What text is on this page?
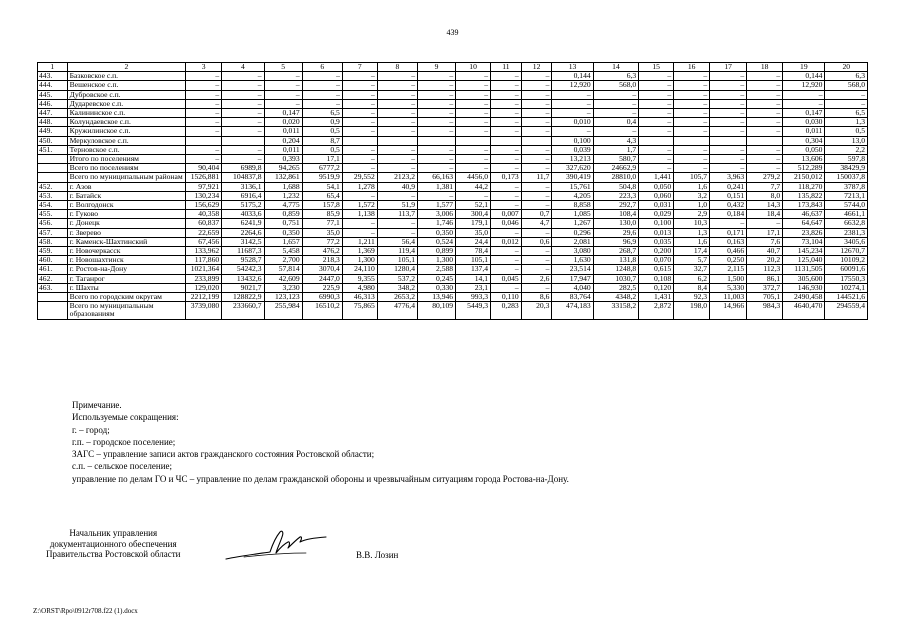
439
1	2	3	4	5	6	7	8	9	10	11	12	13	14	15	16	17	18	19	20
443.	Базковское с.п.	–	–	–	–	–	–	–	–	–	–	0,144	6,3	–	–	–	–	0,144	6,3
444.	Вешенское с.п.	–	–	–	–	–	–	–	–	–	–	12,920	568,0	–	–	–	–	12,920	568,0
445.	Дубровское с.п.	–	–	–	–	–	–	–	–	–	–	–	–	–	–	–	–	–	–
446.	Дударевское с.п.	–	–	–	–	–	–	–	–	–	–	–	–	–	–	–	–	–	–
447.	Калининское с.п.	–	–	0,147	6,5	–	–	–	–	–	–	–	–	–	–	–	–	0,147	6,5
448.	Колундаевское с.п.	–	–	0,020	0,9	–	–	–	–	–	–	0,010	0,4	–	–	–	–	0,030	1,3
449.	Кружилинское с.п.	–	–	0,011	0,5	–	–	–	–	–	–	–	–	–	–	–	–	0,011	0,5
450.	Меркуловское с.п.			0,204	8,7							0,100	4,3					0,304	13,0
451.	Терновское с.п.	–	–	0,011	0,5	–	–	–	–	–	–	0,039	1,7	–	–	–	–	0,050	2,2
	Итого по поселениям	–	–	0,393	17,1	–	–	–	–	–	–	13,213	580,7	–	–	–	–	13,606	597,8
	Всего по поселениям	90,404	6989,8	94,265	6777,2	–	–	–	–	–	–	327,620	24662,9	–	–	–	–	512,289	38429,9
	Всего по муниципальным районам	1526,881	104837,8	132,861	9519,9	29,552	2123,2	66,163	4456,0	0,173	11,7	390,419	28810,0	1,441	105,7	3,963	279,2	2150,012	150037,8
452.	г. Азов	97,921	3136,1	1,688	54,1	1,278	40,9	1,381	44,2	–	–	15,761	504,8	0,050	1,6	0,241	7,7	118,270	3787,8
453.	г. Батайск	130,234	6916,4	1,232	65,4	–	–	–	–	–	–	4,205	223,3	0,060	3,2	0,151	8,0	135,822	7213,1
454.	г. Волгодонск	156,629	5175,2	4,775	157,8	1,572	51,9	1,577	52,1	–	–	8,858	292,7	0,031	1,0	0,432	14,3	173,843	5744,0
455.	г. Гуково	40,358	4033,6	0,859	85,9	1,138	113,7	3,006	300,4	0,007	0,7	1,085	108,4	0,029	2,9	0,184	18,4	46,637	4661,1
456.	г. Донецк	60,837	6241,9	0,751	77,1	–	–	1,746	179,1	0,046	4,7	1,267	130,0	0,100	10,3	–	–	64,647	6632,8
457.	г. Зверево	22,659	2264,6	0,350	35,0	–	–	0,350	35,0	–	–	0,296	29,6	0,013	1,3	0,171	17,1	23,826	2381,3
458.	г. Каменск-Шахтинский	67,456	3142,5	1,657	77,2	1,211	56,4	0,524	24,4	0,012	0,6	2,081	96,9	0,035	1,6	0,163	7,6	73,104	3405,6
459.	г. Новочеркасск	133,962	11687,3	5,458	476,2	1,369	119,4	0,899	78,4	–	–	3,080	268,7	0,200	17,4	0,466	40,7	145,234	12670,7
460.	г. Новошахтинск	117,860	9528,7	2,700	218,3	1,300	105,1	1,300	105,1	–	–	1,630	131,8	0,070	5,7	0,250	20,2	125,040	10109,2
461.	г. Ростов-на-Дону	1021,364	54242,3	57,814	3070,4	24,110	1280,4	2,588	137,4	–	–	23,514	1248,8	0,615	32,7	2,115	112,3	1131,505	60091,6
462.	г. Таганрог	233,899	13432,6	42,609	2447,0	9,355	537,2	0,245	14,1	0,045	2,6	17,947	1030,7	0,108	6,2	1,500	86,1	305,600	17550,3
463.	г. Шахты	129,020	9021,7	3,230	225,9	4,980	348,2	0,330	23,1	–	–	4,040	282,5	0,120	8,4	5,330	372,7	146,930	10274,1
	Всего по городским округам	2212,199	128822,9	123,123	6990,3	46,313	2653,2	13,946	993,3	0,110	8,6	83,764	4348,2	1,431	92,3	11,003	705,1	2490,458	144521,6
	Всего по муниципальным образованиям	3739,080	233660,7	255,984	16510,2	75,865	4776,4	80,109	5449,3	0,283	20,3	474,183	33158,2	2,872	198,0	14,966	984,3	4640,470	294559,4
Примечание.
Используемые сокращения:
г. – город;
г.п. – городское поселение;
ЗАГС – управление записи актов гражданского состояния Ростовской области;
с.п. – сельское поселение;
управление по делам ГО и ЧС – управление по делам гражданской обороны и чрезвычайным ситуациям города Ростова-на-Дону.
Начальник управления
документационного обеспечения
Правительства Ростовской области	В.В. Лозин
Z:\ORST\Rpo\0912r708.f22 (1).docx
